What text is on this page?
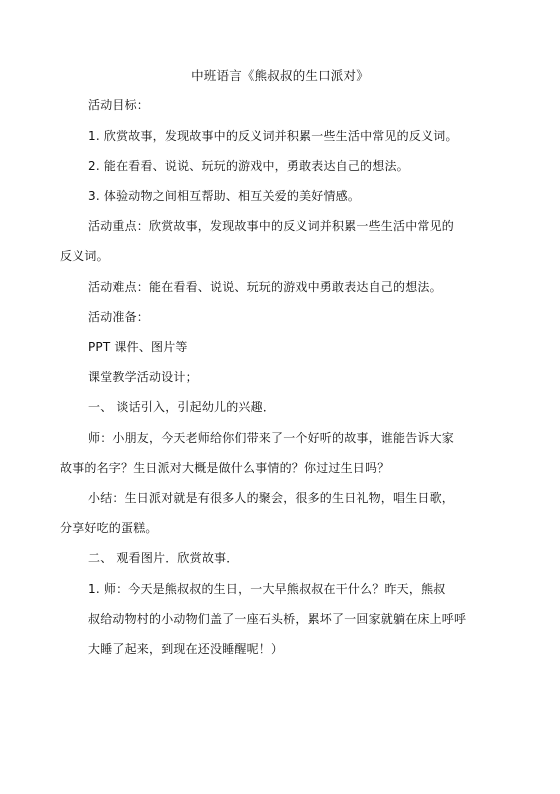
中班语言《熊叔叔的生口派对》
活动目标：
1. 欣赏故事，发现故事中的反义词并积累一些生活中常见的反义词。
2. 能在看看、说说、玩玩的游戏中，勇敢表达自己的想法。
3. 体验动物之间相互帮助、相互关爱的美好情感。
活动重点：欣赏故事，发现故事中的反义词并积累一些生活中常见的
反义词。
活动难点：能在看看、说说、玩玩的游戏中勇敢表达自己的想法。
活动准备：
PPT 课件、图片等
课堂教学活动设计；
一、 谈话引入，引起幼儿的兴趣．
师：小朋友，今天老师给你们带来了一个好听的故事，谁能告诉大家
故事的名字？生日派对大概是做什么事情的？你过过生日吗？
小结：生日派对就是有很多人的聚会，很多的生日礼物，唱生日歌，
分享好吃的蛋糕。
二、 观看图片．欣赏故事．
1. 师：今天是熊叔叔的生日，一大早熊叔叔在干什么？昨天，熊叔
叔给动物村的小动物们盖了一座石头桥，累坏了一回家就躺在床上呼呼
大睡了起来，到现在还没睡醒呢！）
